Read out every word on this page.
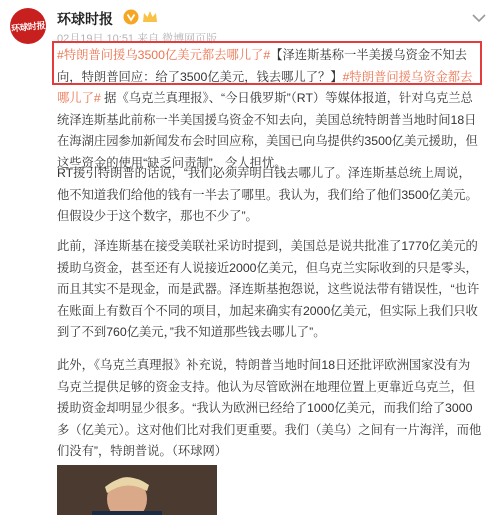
环球时报
环球时报
02月19日 10:51 来自 微博网页版
#特朗普问援乌3500亿美元都去哪儿了#【泽连斯基称一半美援乌资金不知去向，特朗普回应：给了3500亿美元，钱去哪儿了？】#特朗普问援乌资金都去哪儿了# 据《乌克兰真理报》、“今日俄罗斯”（RT）等媒体报道，针对乌克兰总统泽连斯基此前称一半美国援乌资金不知去向，美国总统特朗普当地时间18日在海湖庄园参加新闻发布会时回应称，美国已向乌提供约3500亿美元援助，但这些资金的使用“缺乏问责制”，令人担忧。
RT援引特朗普的话说，“我们必须弄明白钱去哪儿了。泽连斯基总统上周说，他不知道我们给他的钱有一半去了哪里。我认为，我们给了他们3500亿美元。但假设少于这个数字，那也不少了”。
此前，泽连斯基在接受美联社采访时提到，美国总是说共批准了1770亿美元的援助乌资金，甚至还有人说接近2000亿美元，但乌克兰实际收到的只是零头，而且其实不是现金，而是武器。泽连斯基抱怨说，这些说法带有错误性，“也许在账面上有数百个不同的项目，加起来确实有2000亿美元，但实际上我们只收到了不到760亿美元，”我不知道那些钱去哪儿了”。
此外，《乌克兰真理报》补充说，特朗普当地时间18日还批评欧洲国家没有为乌克兰提供足够的资金支持。他认为尽管欧洲在地理位置上更靠近乌克兰，但援助资金却明显少很多。“我认为欧洲已经给了1000亿美元，而我们给了3000多（亿美元）。这对他们比对我们更重要。我们（美乌）之间有一片海洋，而他们没有”，特朗普说。（环球网）
